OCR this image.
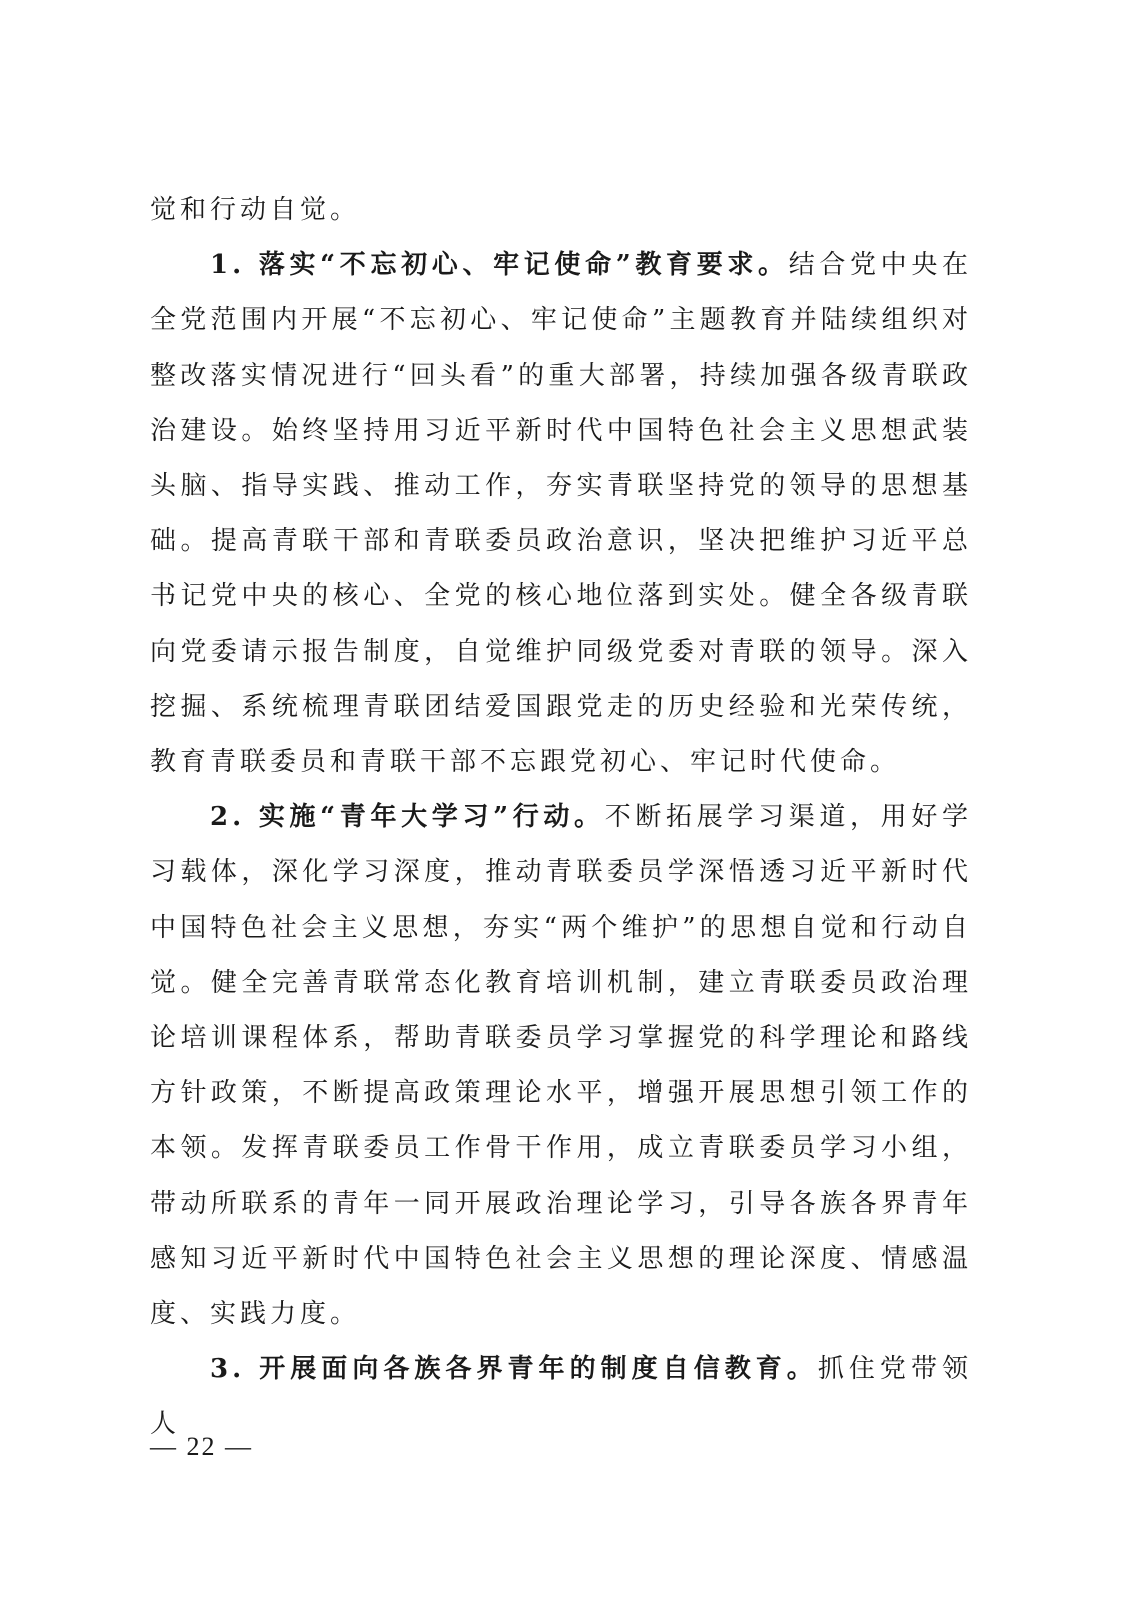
觉和行动自觉。

1. 落实“不忘初心、牢记使命”教育要求。结合党中央在全党范围内开展“不忘初心、牢记使命”主题教育并陆续组织对整改落实情况进行“回头看”的重大部署，持续加强各级青联政治建设。始终坚持用习近平新时代中国特色社会主义思想武装头脑、指导实践、推动工作，夯实青联坚持党的领导的思想基础。提高青联干部和青联委员政治意识，坚决把维护习近平总书记党中央的核心、全党的核心地位落到实处。健全各级青联向党委请示报告制度，自觉维护同级党委对青联的领导。深入挖掘、系统梳理青联团结爱国跟党走的历史经验和光荣传统，教育青联委员和青联干部不忘跟党初心、牢记时代使命。

2. 实施“青年大学习”行动。不断拓展学习渠道，用好学习载体，深化学习深度，推动青联委员学深悟透习近平新时代中国特色社会主义思想，夯实“两个维护”的思想自觉和行动自觉。健全完善青联常态化教育培训机制，建立青联委员政治理论培训课程体系，帮助青联委员学习掌握党的科学理论和路线方针政策，不断提高政策理论水平，增强开展思想引领工作的本领。发挥青联委员工作骨干作用，成立青联委员学习小组，带动所联系的青年一同开展政治理论学习，引导各族各界青年感知习近平新时代中国特色社会主义思想的理论深度、情感温度、实践力度。

3. 开展面向各族各界青年的制度自信教育。抓住党带领人

— 22 —
